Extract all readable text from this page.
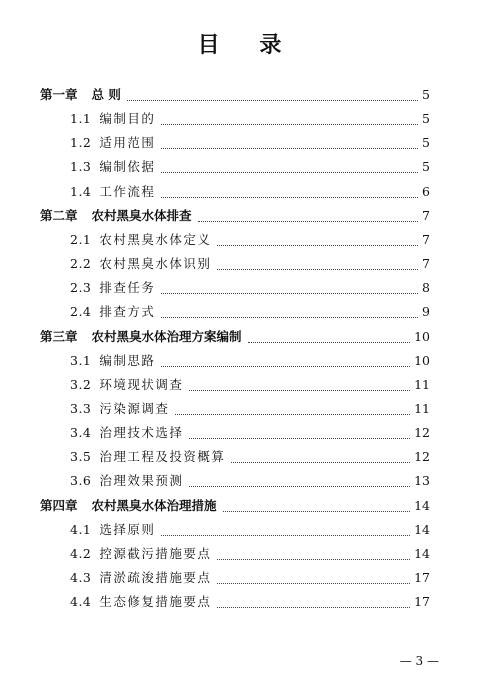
目 录
第一章 总 则	5
1.1 编制目的	5
1.2 适用范围	5
1.3 编制依据	5
1.4 工作流程	6
第二章 农村黑臭水体排查	7
2.1 农村黑臭水体定义	7
2.2 农村黑臭水体识别	7
2.3 排查任务	8
2.4 排查方式	9
第三章 农村黑臭水体治理方案编制	10
3.1 编制思路	10
3.2 环境现状调查	11
3.3 污染源调查	11
3.4 治理技术选择	12
3.5 治理工程及投资概算	12
3.6 治理效果预测	13
第四章 农村黑臭水体治理措施	14
4.1 选择原则	14
4.2 控源截污措施要点	14
4.3 清淤疏浚措施要点	17
4.4 生态修复措施要点	17
— 3 —
